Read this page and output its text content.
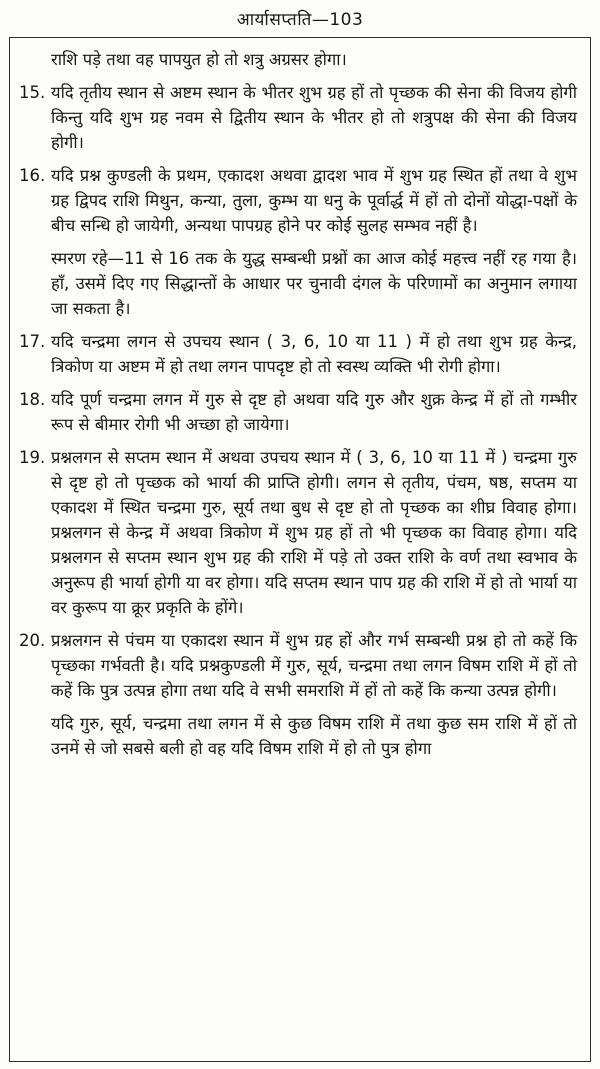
आर्यासप्तति—103
राशि पड़े तथा वह पापयुत हो तो शत्रु अग्रसर होगा।
15. यदि तृतीय स्थान से अष्टम स्थान के भीतर शुभ ग्रह हों तो पृच्छक की सेना की विजय होगी किन्तु यदि शुभ ग्रह नवम से द्वितीय स्थान के भीतर हो तो शत्रुपक्ष की सेना की विजय होगी।
16. यदि प्रश्न कुण्डली के प्रथम, एकादश अथवा द्वादश भाव में शुभ ग्रह स्थित हों तथा वे शुभ ग्रह द्विपद राशि मिथुन, कन्या, तुला, कुम्भ या धनु के पूर्वार्द्ध में हों तो दोनों योद्धा-पक्षों के बीच सन्धि हो जायेगी, अन्यथा पापग्रह होने पर कोई सुलह सम्भव नहीं है।
स्मरण रहे—11 से 16 तक के युद्ध सम्बन्धी प्रश्नों का आज कोई महत्त्व नहीं रह गया है। हाँ, उसमें दिए गए सिद्धान्तों के आधार पर चुनावी दंगल के परिणामों का अनुमान लगाया जा सकता है।
17. यदि चन्द्रमा लगन से उपचय स्थान ( 3, 6, 10 या 11 ) में हो तथा शुभ ग्रह केन्द्र, त्रिकोण या अष्टम में हो तथा लगन पापदृष्ट हो तो स्वस्थ व्यक्ति भी रोगी होगा।
18. यदि पूर्ण चन्द्रमा लगन में गुरु से दृष्ट हो अथवा यदि गुरु और शुक्र केन्द्र में हों तो गम्भीर रूप से बीमार रोगी भी अच्छा हो जायेगा।
19. प्रश्नलगन से सप्तम स्थान में अथवा उपचय स्थान में ( 3, 6, 10 या 11 में ) चन्द्रमा गुरु से दृष्ट हो तो पृच्छक को भार्या की प्राप्ति होगी। लगन से तृतीय, पंचम, षष्ठ, सप्तम या एकादश में स्थित चन्द्रमा गुरु, सूर्य तथा बुध से दृष्ट हो तो पृच्छक का शीघ्र विवाह होगा। प्रश्नलगन से केन्द्र में अथवा त्रिकोण में शुभ ग्रह हों तो भी पृच्छक का विवाह होगा। यदि प्रश्नलगन से सप्तम स्थान शुभ ग्रह की राशि में पड़े तो उक्त राशि के वर्ण तथा स्वभाव के अनुरूप ही भार्या होगी या वर होगा। यदि सप्तम स्थान पाप ग्रह की राशि में हो तो भार्या या वर कुरूप या क्रूर प्रकृति के होंगे।
20. प्रश्नलगन से पंचम या एकादश स्थान में शुभ ग्रह हों और गर्भ सम्बन्धी प्रश्न हो तो कहें कि पृच्छका गर्भवती है। यदि प्रश्नकुण्डली में गुरु, सूर्य, चन्द्रमा तथा लगन विषम राशि में हों तो कहें कि पुत्र उत्पन्न होगा तथा यदि वे सभी समराशि में हों तो कहें कि कन्या उत्पन्न होगी।
यदि गुरु, सूर्य, चन्द्रमा तथा लगन में से कुछ विषम राशि में तथा कुछ सम राशि में हों तो उनमें से जो सबसे बली हो वह यदि विषम राशि में हो तो पुत्र होगा
